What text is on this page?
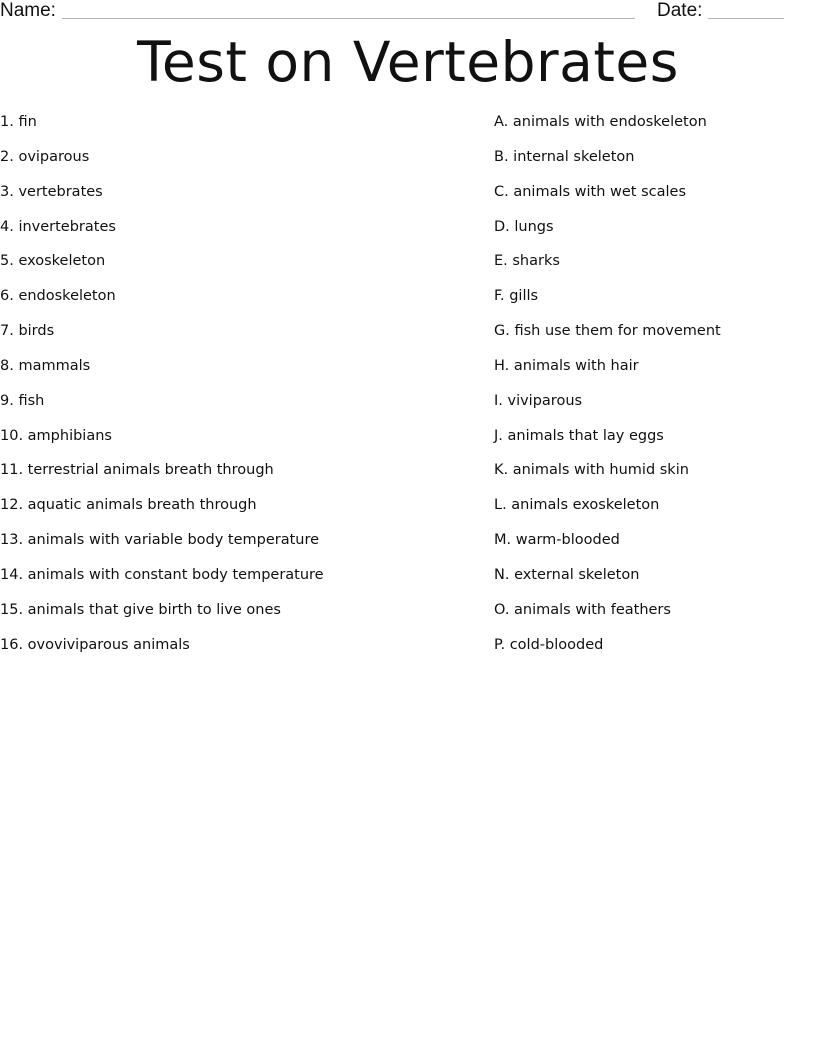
Name:	Date:
Test on Vertebrates
1. fin
2. oviparous
3. vertebrates
4. invertebrates
5. exoskeleton
6. endoskeleton
7. birds
8. mammals
9. fish
10. amphibians
11. terrestrial animals breath through
12. aquatic animals breath through
13. animals with variable body temperature
14. animals with constant body temperature
15. animals that give birth to live ones
16. ovoviviparous animals
A. animals with endoskeleton
B. internal skeleton
C. animals with wet scales
D. lungs
E. sharks
F. gills
G. fish use them for movement
H. animals with hair
I. viviparous
J. animals that lay eggs
K. animals with humid skin
L. animals exoskeleton
M. warm-blooded
N. external skeleton
O. animals with feathers
P. cold-blooded
